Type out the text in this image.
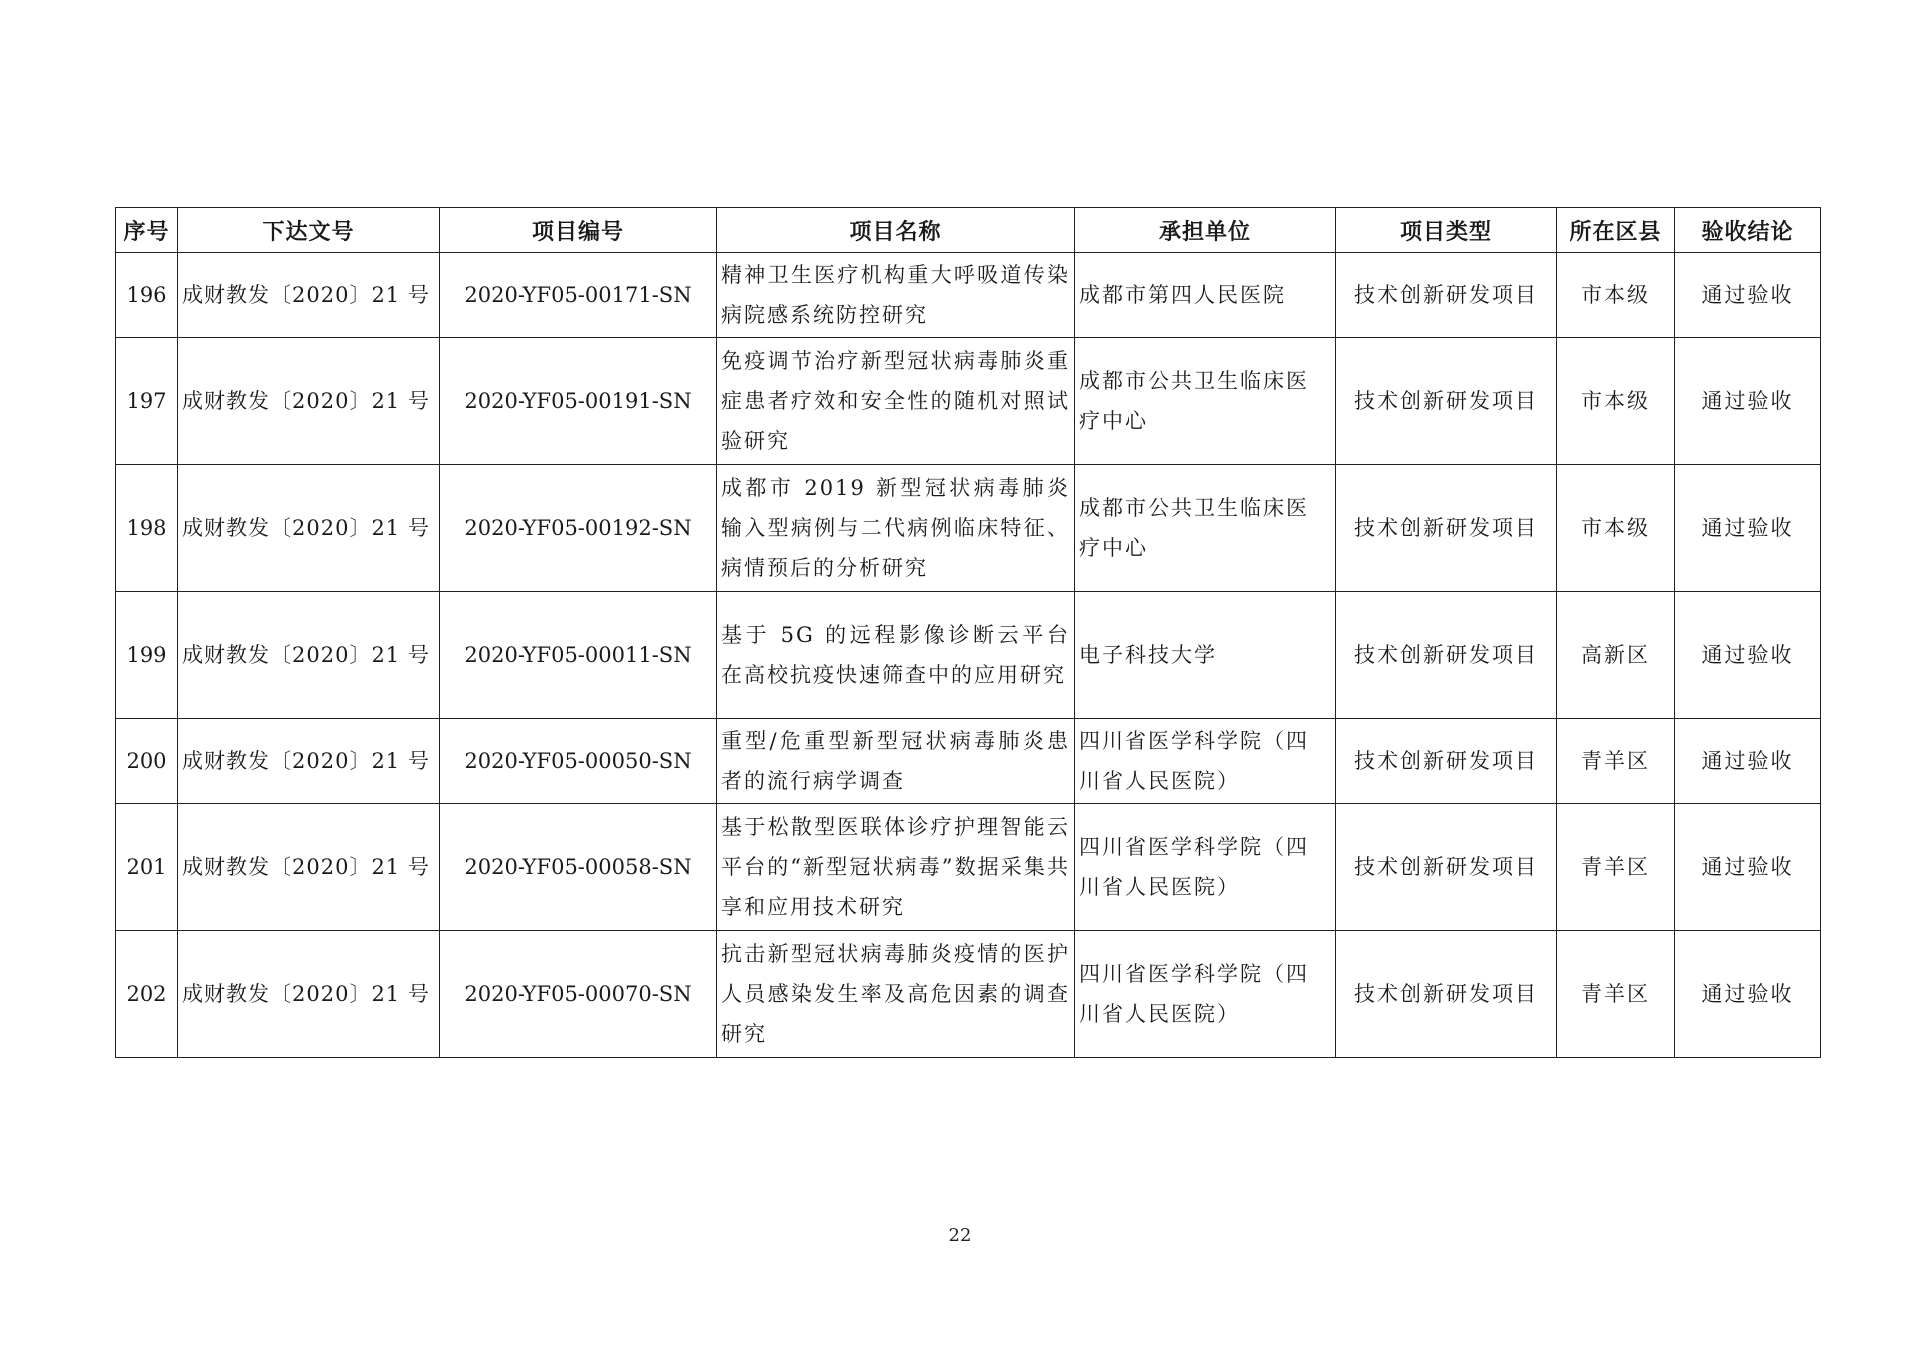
序号	下达文号	项目编号	项目名称	承担单位	项目类型	所在区县	验收结论
196	成财教发〔2020〕21 号	2020-YF05-00171-SN	精神卫生医疗机构重大呼吸道传染病院感系统防控研究	成都市第四人民医院	技术创新研发项目	市本级	通过验收
197	成财教发〔2020〕21 号	2020-YF05-00191-SN	免疫调节治疗新型冠状病毒肺炎重症患者疗效和安全性的随机对照试验研究	成都市公共卫生临床医疗中心	技术创新研发项目	市本级	通过验收
198	成财教发〔2020〕21 号	2020-YF05-00192-SN	成都市 2019 新型冠状病毒肺炎输入型病例与二代病例临床特征、病情预后的分析研究	成都市公共卫生临床医疗中心	技术创新研发项目	市本级	通过验收
199	成财教发〔2020〕21 号	2020-YF05-00011-SN	基于 5G 的远程影像诊断云平台在高校抗疫快速筛查中的应用研究	电子科技大学	技术创新研发项目	高新区	通过验收
200	成财教发〔2020〕21 号	2020-YF05-00050-SN	重型/危重型新型冠状病毒肺炎患者的流行病学调查	四川省医学科学院（四川省人民医院）	技术创新研发项目	青羊区	通过验收
201	成财教发〔2020〕21 号	2020-YF05-00058-SN	基于松散型医联体诊疗护理智能云平台的“新型冠状病毒”数据采集共享和应用技术研究	四川省医学科学院（四川省人民医院）	技术创新研发项目	青羊区	通过验收
202	成财教发〔2020〕21 号	2020-YF05-00070-SN	抗击新型冠状病毒肺炎疫情的医护人员感染发生率及高危因素的调查研究	四川省医学科学院（四川省人民医院）	技术创新研发项目	青羊区	通过验收
22
